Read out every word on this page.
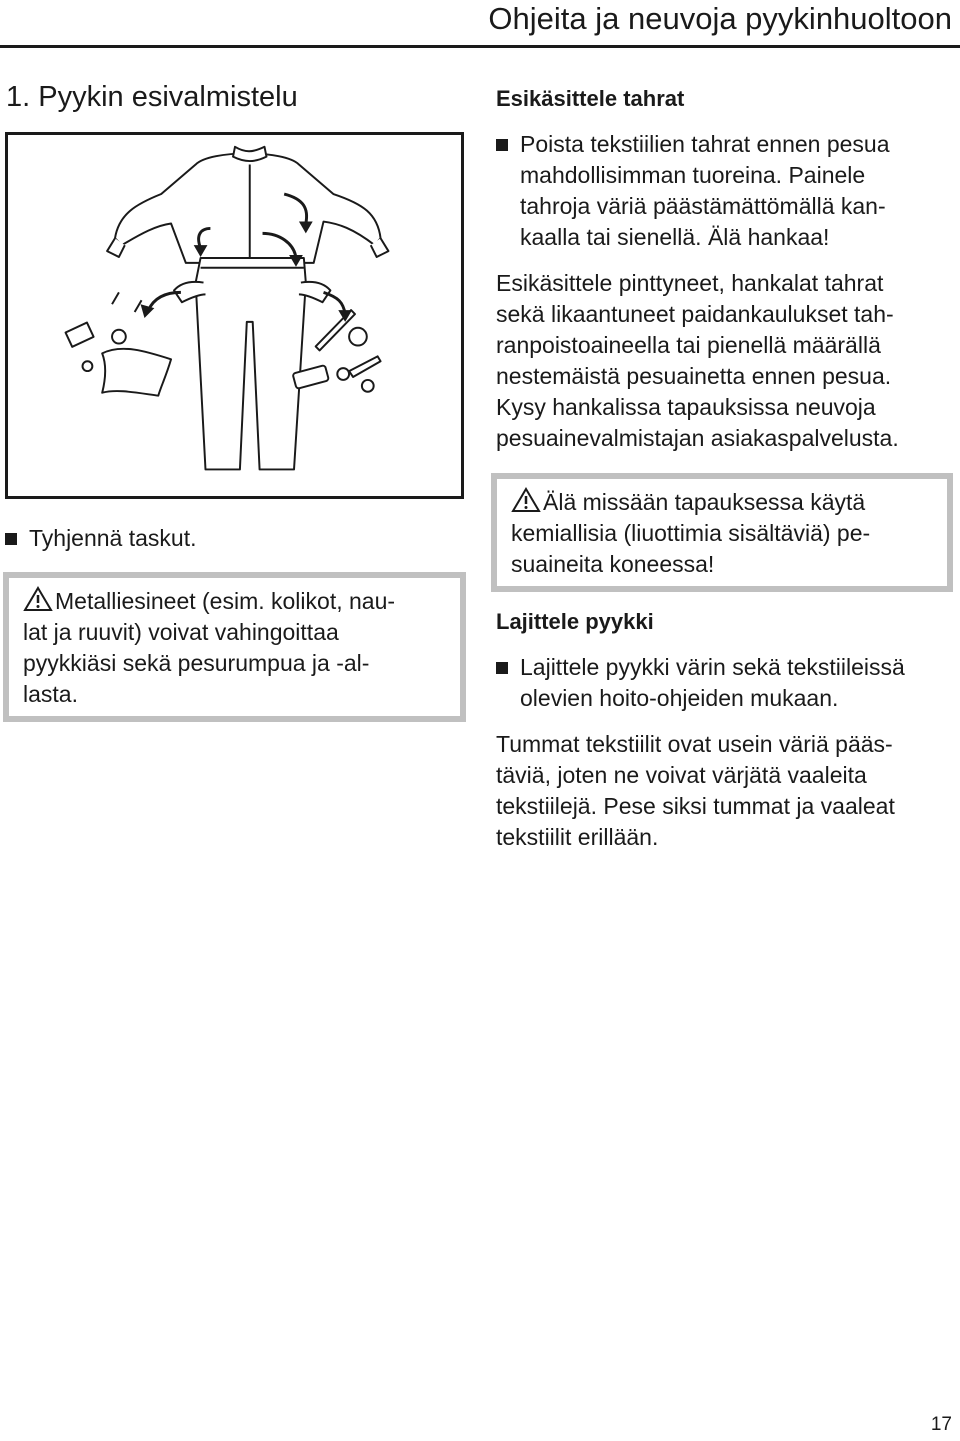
Ohjeita ja neuvoja pyykinhuoltoon
1. Pyykin esivalmistelu
Tyhjennä taskut.
Metalliesineet (esim. kolikot, nau-
lat ja ruuvit) voivat vahingoittaa
pyykkiäsi sekä pesurumpua ja -al-
lasta.
Esikäsittele tahrat
Poista tekstiilien tahrat ennen pesua
mahdollisimman tuoreina. Painele
tahroja väriä päästämättömällä kan-
kaalla tai sienellä. Älä hankaa!
Esikäsittele pinttyneet, hankalat tahrat
sekä likaantuneet paidankaulukset tah-
ranpoistoaineella tai pienellä määrällä
nestemäistä pesuainetta ennen pesua.
Kysy hankalissa tapauksissa neuvoja
pesuainevalmistajan asiakaspalvelusta.
Älä missään tapauksessa käytä
kemiallisia (liuottimia sisältäviä) pe-
suaineita koneessa!
Lajittele pyykki
Lajittele pyykki värin sekä tekstiileissä
olevien hoito-ohjeiden mukaan.
Tummat tekstiilit ovat usein väriä pääs-
täviä, joten ne voivat värjätä vaaleita
tekstiilejä. Pese siksi tummat ja vaaleat
tekstiilit erillään.
17
